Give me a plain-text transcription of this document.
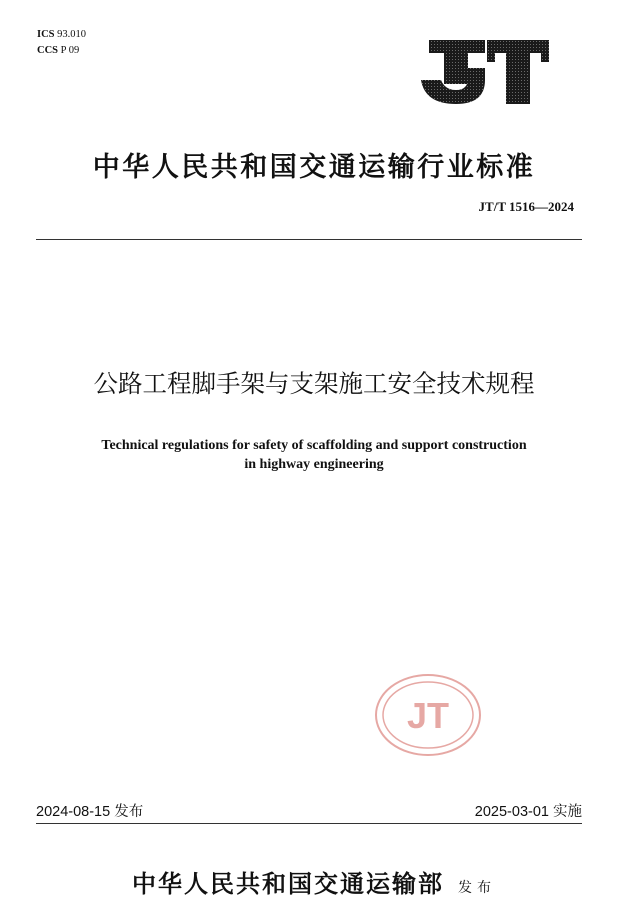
ICS 93.010
CCS P 09
中华人民共和国交通运输行业标准
JT/T 1516—2024
公路工程脚手架与支架施工安全技术规程
Technical regulations for safety of scaffolding and support construction
in highway engineering
JT
2024-08-15 发布	2025-03-01 实施
中华人民共和国交通运输部 发布
